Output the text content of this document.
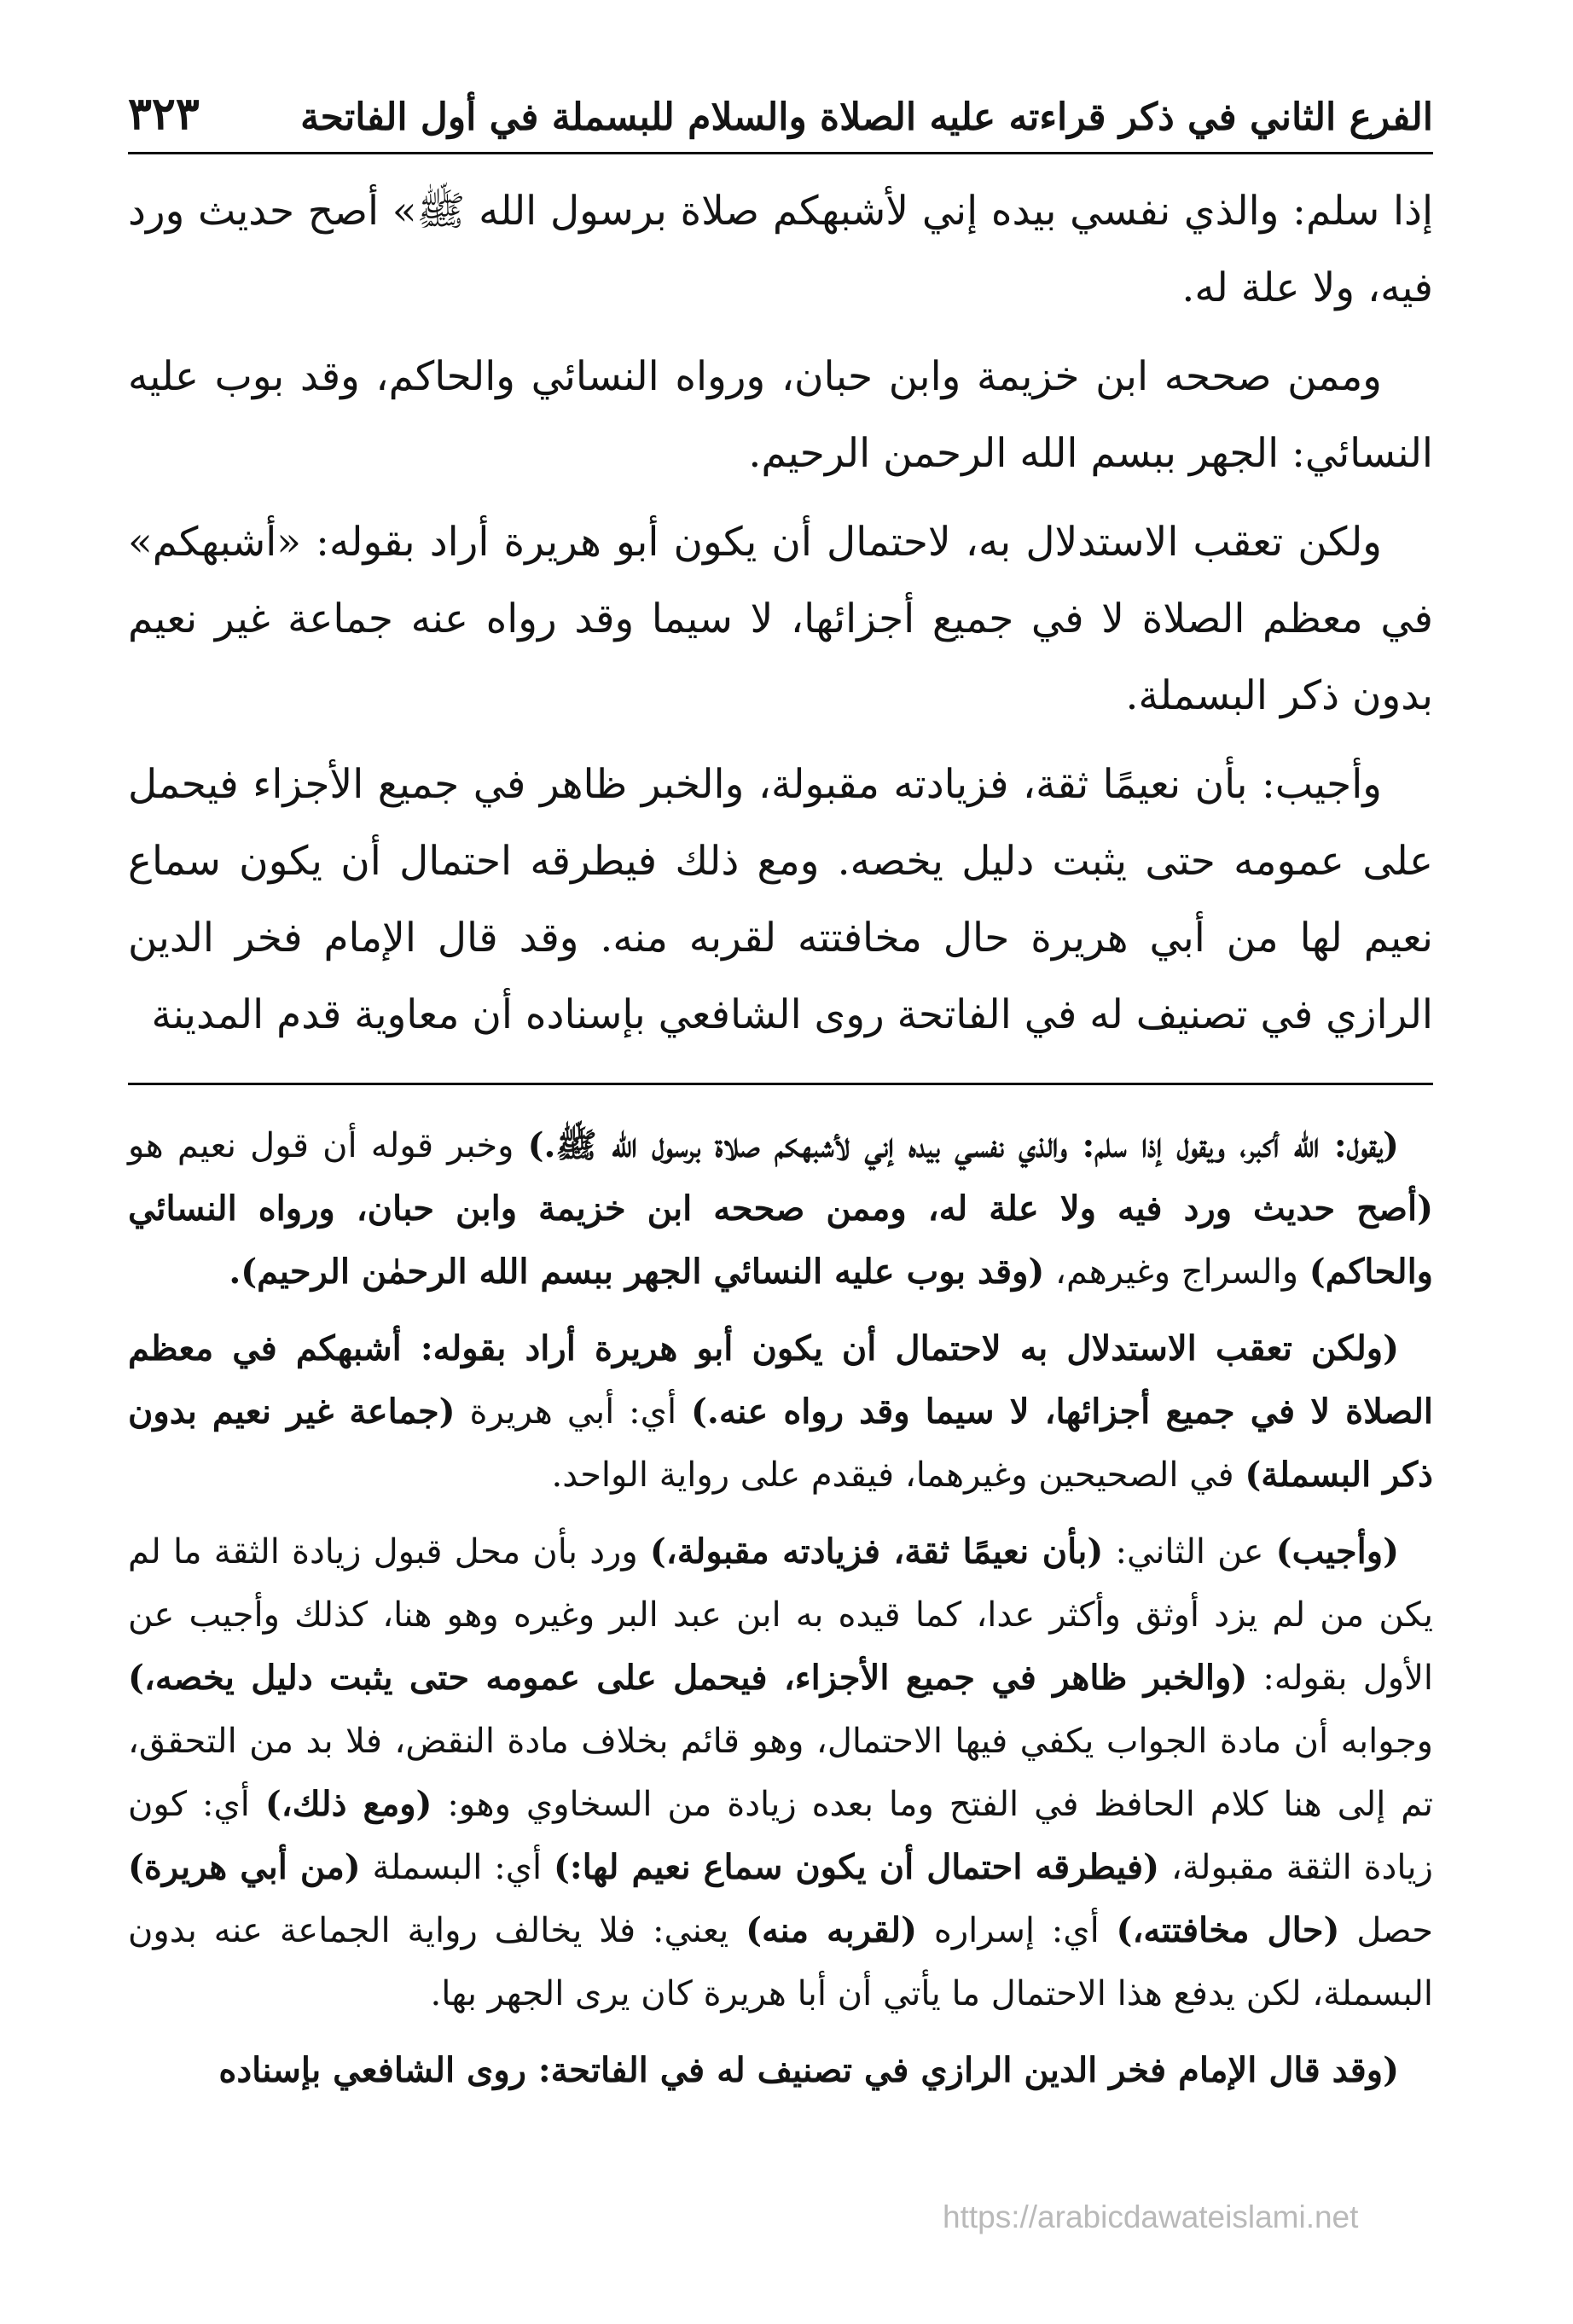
الفرع الثاني في ذكر قراءته عليه الصلاة والسلام للبسملة في أول الفاتحة
٣٢٣

إذا سلم: والذي نفسي بيده إني لأشبهكم صلاة برسول الله ﷺ» أصح حديث ورد فيه، ولا علة له.

وممن صححه ابن خزيمة وابن حبان، ورواه النسائي والحاكم، وقد بوب عليه النسائي: الجهر ببسم الله الرحمن الرحيم.

ولكن تعقب الاستدلال به، لاحتمال أن يكون أبو هريرة أراد بقوله: «أشبهكم» في معظم الصلاة لا في جميع أجزائها، لا سيما وقد رواه عنه جماعة غير نعيم بدون ذكر البسملة.

وأجيب: بأن نعيمًا ثقة، فزيادته مقبولة، والخبر ظاهر في جميع الأجزاء فيحمل على عمومه حتى يثبت دليل يخصه. ومع ذلك فيطرقه احتمال أن يكون سماع نعيم لها من أبي هريرة حال مخافتته لقربه منه. وقد قال الإمام فخر الدين الرازي في تصنيف له في الفاتحة روى الشافعي بإسناده أن معاوية قدم المدينة

(يقول: الله أكبر، ويقول إذا سلم: والذي نفسي بيده إني لأشبهكم صلاة برسول الله ﷺ.) وخبر قوله أن قول نعيم هو (أصح حديث ورد فيه ولا علة له، وممن صححه ابن خزيمة وابن حبان، ورواه النسائي والحاكم) والسراج وغيرهم، (وقد بوب عليه النسائي الجهر ببسم الله الرحمٰن الرحيم).

(ولكن تعقب الاستدلال به لاحتمال أن يكون أبو هريرة أراد بقوله: أشبهكم في معظم الصلاة لا في جميع أجزائها، لا سيما وقد رواه عنه.) أي: أبي هريرة (جماعة غير نعيم بدون ذكر البسملة) في الصحيحين وغيرهما، فيقدم على رواية الواحد.

(وأجيب) عن الثاني: (بأن نعيمًا ثقة، فزيادته مقبولة،) ورد بأن محل قبول زيادة الثقة ما لم يكن من لم يزد أوثق وأكثر عدا، كما قيده به ابن عبد البر وغيره وهو هنا، كذلك وأجيب عن الأول بقوله: (والخبر ظاهر في جميع الأجزاء، فيحمل على عمومه حتى يثبت دليل يخصه،) وجوابه أن مادة الجواب يكفي فيها الاحتمال، وهو قائم بخلاف مادة النقض، فلا بد من التحقق، تم إلى هنا كلام الحافظ في الفتح وما بعده زيادة من السخاوي وهو: (ومع ذلك،) أي: كون زيادة الثقة مقبولة، (فيطرقه احتمال أن يكون سماع نعيم لها:) أي: البسملة (من أبي هريرة) حصل (حال مخافتته،) أي: إسراره (لقربه منه) يعني: فلا يخالف رواية الجماعة عنه بدون البسملة، لكن يدفع هذا الاحتمال ما يأتي أن أبا هريرة كان يرى الجهر بها.

(وقد قال الإمام فخر الدين الرازي في تصنيف له في الفاتحة: روى الشافعي بإسناده

https://arabicdawateislami.net
